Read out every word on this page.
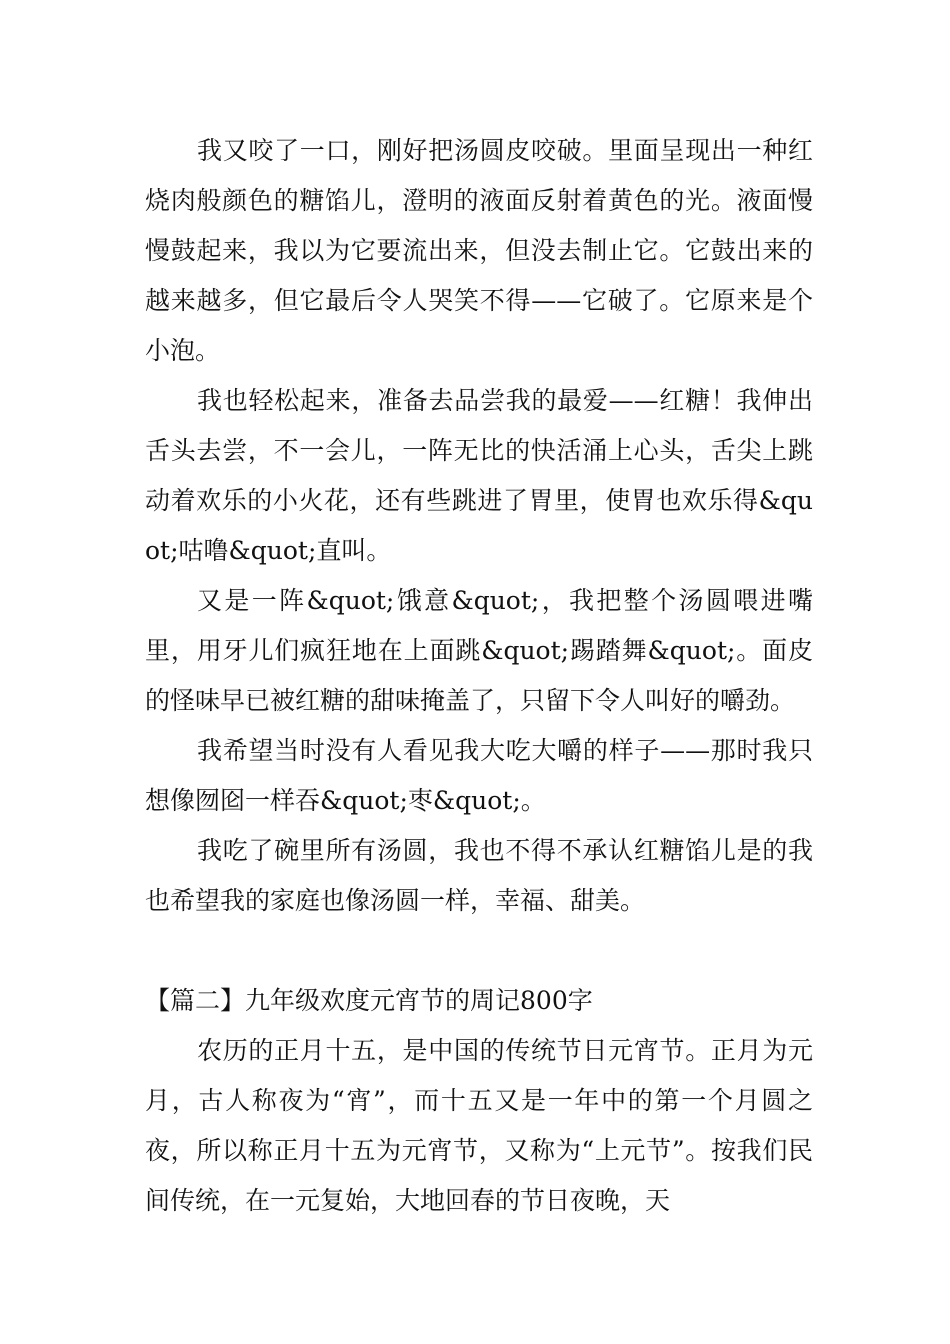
我又咬了一口，刚好把汤圆皮咬破。里面呈现出一种红烧肉般颜色的糖馅儿，澄明的液面反射着黄色的光。液面慢慢鼓起来，我以为它要流出来，但没去制止它。它鼓出来的越来越多，但它最后令人哭笑不得——它破了。它原来是个小泡。

我也轻松起来，准备去品尝我的最爱——红糖！我伸出舌头去尝，不一会儿，一阵无比的快活涌上心头，舌尖上跳动着欢乐的小火花，还有些跳进了胃里，使胃也欢乐得&quot;咕噜&quot;直叫。

又是一阵&quot;饿意&quot;，我把整个汤圆喂进嘴里，用牙儿们疯狂地在上面跳&quot;踢踏舞&quot;。面皮的怪味早已被红糖的甜味掩盖了，只留下令人叫好的嚼劲。

我希望当时没有人看见我大吃大嚼的样子——那时我只想像囫囵一样吞&quot;枣&quot;。

我吃了碗里所有汤圆，我也不得不承认红糖馅儿是的我也希望我的家庭也像汤圆一样，幸福、甜美。

【篇二】九年级欢度元宵节的周记800字

农历的正月十五，是中国的传统节日元宵节。正月为元月，古人称夜为“宵”，而十五又是一年中的第一个月圆之夜，所以称正月十五为元宵节，又称为“上元节”。按我们民间传统，在一元复始，大地回春的节日夜晚，天
